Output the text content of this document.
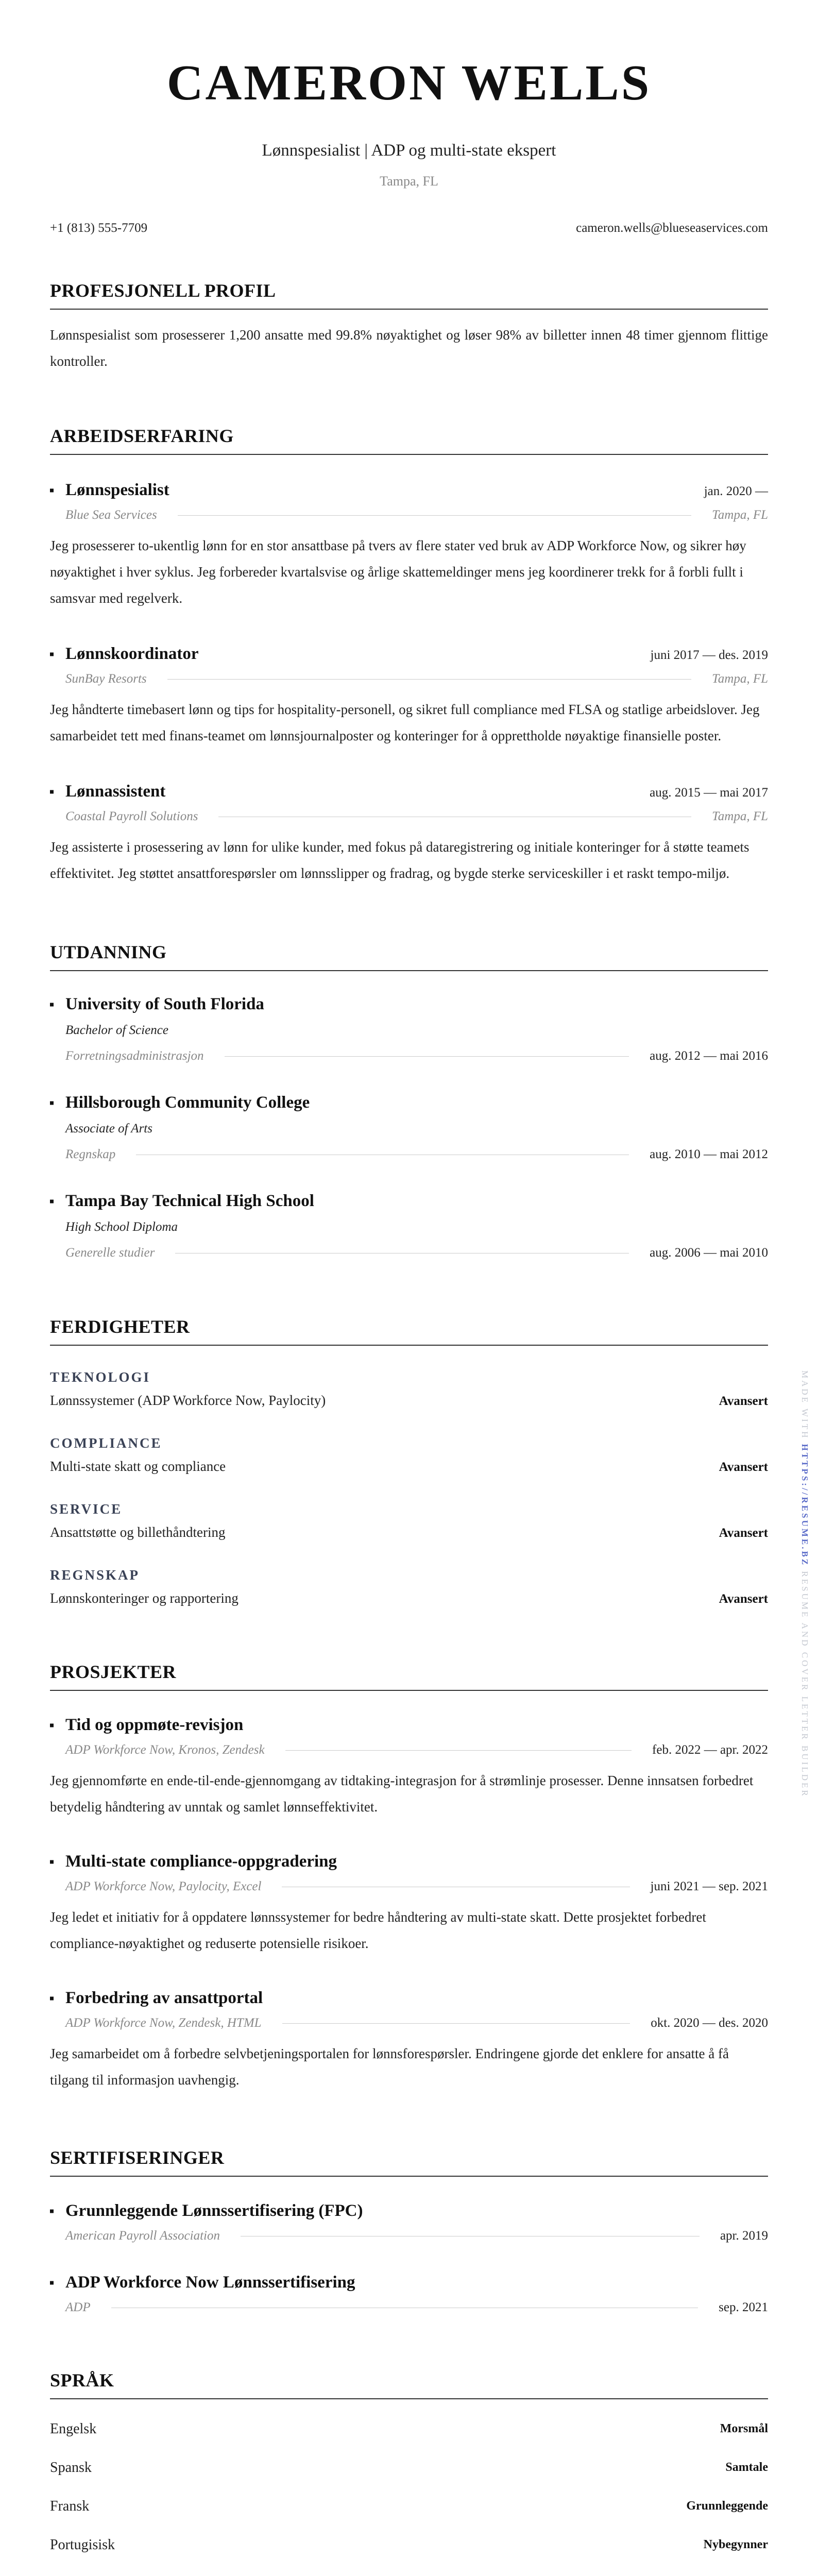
CAMERON WELLS
Lønnspesialist | ADP og multi-state ekspert
Tampa, FL
+1 (813) 555-7709	cameron.wells@blueseaservices.com
PROFESJONELL PROFIL
Lønnspesialist som prosesserer 1,200 ansatte med 99.8% nøyaktighet og løser 98% av billetter innen 48 timer gjennom flittige kontroller.
ARBEIDSERFARING
Lønnspesialist	jan. 2020 —
Blue Sea Services	Tampa, FL
Jeg prosesserer to-ukentlig lønn for en stor ansattbase på tvers av flere stater ved bruk av ADP Workforce Now, og sikrer høy nøyaktighet i hver syklus. Jeg forbereder kvartalsvise og årlige skattemeldinger mens jeg koordinerer trekk for å forbli fullt i samsvar med regelverk.
Lønnskoordinator	juni 2017 — des. 2019
SunBay Resorts	Tampa, FL
Jeg håndterte timebasert lønn og tips for hospitality-personell, og sikret full compliance med FLSA og statlige arbeidslover. Jeg samarbeidet tett med finans-teamet om lønnsjournalposter og konteringer for å opprettholde nøyaktige finansielle poster.
Lønnassistent	aug. 2015 — mai 2017
Coastal Payroll Solutions	Tampa, FL
Jeg assisterte i prosessering av lønn for ulike kunder, med fokus på dataregistrering og initiale konteringer for å støtte teamets effektivitet. Jeg støttet ansattforespørsler om lønnsslipper og fradrag, og bygde sterke serviceskiller i et raskt tempo-miljø.
UTDANNING
University of South Florida
Bachelor of Science
Forretningsadministrasjon	aug. 2012 — mai 2016
Hillsborough Community College
Associate of Arts
Regnskap	aug. 2010 — mai 2012
Tampa Bay Technical High School
High School Diploma
Generelle studier	aug. 2006 — mai 2010
FERDIGHETER
TEKNOLOGI
Lønnssystemer (ADP Workforce Now, Paylocity)	Avansert
COMPLIANCE
Multi-state skatt og compliance	Avansert
SERVICE
Ansattstøtte og billethåndtering	Avansert
REGNSKAP
Lønnskonteringer og rapportering	Avansert
PROSJEKTER
Tid og oppmøte-revisjon
ADP Workforce Now, Kronos, Zendesk	feb. 2022 — apr. 2022
Jeg gjennomførte en ende-til-ende-gjennomgang av tidtaking-integrasjon for å strømlinje prosesser. Denne innsatsen forbedret betydelig håndtering av unntak og samlet lønnseffektivitet.
Multi-state compliance-oppgradering
ADP Workforce Now, Paylocity, Excel	juni 2021 — sep. 2021
Jeg ledet et initiativ for å oppdatere lønnssystemer for bedre håndtering av multi-state skatt. Dette prosjektet forbedret compliance-nøyaktighet og reduserte potensielle risikoer.
Forbedring av ansattportal
ADP Workforce Now, Zendesk, HTML	okt. 2020 — des. 2020
Jeg samarbeidet om å forbedre selvbetjeningsportalen for lønnsforespørsler. Endringene gjorde det enklere for ansatte å få tilgang til informasjon uavhengig.
SERTIFISERINGER
Grunnleggende Lønnssertifisering (FPC)
American Payroll Association	apr. 2019
ADP Workforce Now Lønnssertifisering
ADP	sep. 2021
SPRÅK
Engelsk	Morsmål
Spansk	Samtale
Fransk	Grunnleggende
Portugisisk	Nybegynner
MADE WITH HTTPS://RESUME.BZ RESUME AND COVER LETTER BUILDER
